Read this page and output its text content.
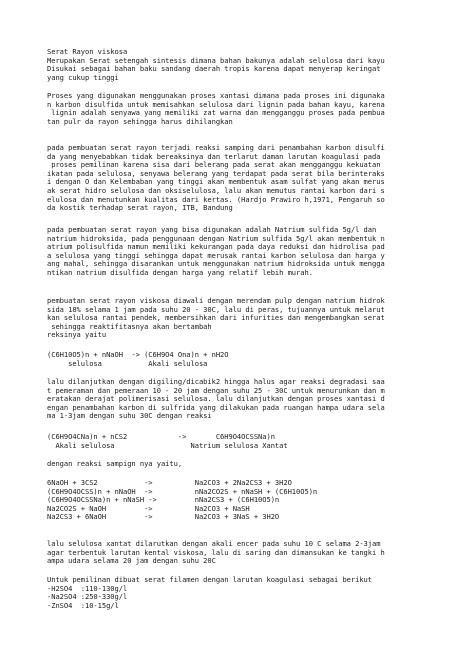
Serat Rayon viskosa
Merupakan Serat setengah sintesis dimana bahan bakunya adalah selulosa dari kayu
Disukai sebagai bahan baku sandang daerah tropis karena dapat menyerap keringat
yang cukup tinggi
Proses yang digunakan menggunakan proses xantasi dimana pada proses ini digunaka
n karbon disulfida untuk memisahkan selulosa dari lignin pada bahan kayu, karena
lignin adalah senyawa yang memiliki zat warna dan mengganggu proses pada pembua
tan pulr da rayon sehingga harus dihilangkan
pada pembuatan serat rayon terjadi reaksi samping dari penambahan karbon disulfi
da yang menyebabkan tidak bereaksinya dan terlarut daman larutan koagulasi pada
proses pemilinan karena sisa dari belerang pada serat akan mengganggu kekuatan
ikatan pada selulosa, senyawa belerang yang terdapat pada serat bila berinteraks
i dengan O dan Kelembaban yang tinggi akan membentuk asam sulfat yang akan merus
ak serat hidro selulosa dan oksiselulosa, lalu akan memutus rantai karbon dari s
elulosa dan menutunkan kualitas dari kertas. (Hardjo Prawiro h,1971, Pengaruh so
da kostik terhadap serat rayon, ITB, Bandung
pada pembuatan serat rayon yang bisa digunakan adalah Natrium sulfida 5g/l dan
natrium hidroksida, pada penggunaan dengan Natrium sulfida 5g/l akan membentuk n
atrium polisulfida namun memiliki kekurangan pada daya reduksi dan hidrolisa pad
a selulosa yang tinggi sehingga dapat merusak rantai karbon selulosa dan harga y
ang mahal, sehingga disarankan untuk menggunakan natrium hidroksida untuk mengga
ntikan natrium disulfida dengan harga yang relatif lebih murah.
pembuatan serat rayon viskosa diawali dengan merendam pulp dengan natrium hidrok
sida 18% selama 1 jam pada suhu 20 - 30C, lalu di peras, tujuannya untuk melarut
kan selulosa rantai pendek, membersihkan dari infurities dan mengembangkan serat
sehingga reaktifitasnya akan bertambah
reksinya yaitu
(C6H10O5)n + nNaOH  -> (C6H9O4 Ona)n + nH2O
selulosa           Akali selulosa
lalu dilanjutkan dengan digiling/dicabik2 hingga halus agar reaksi degradasi saa
t pemeraman dan pemeraan 10 - 20 jam dengan suhu 25 - 30C untuk menurunkan dan m
eratakan derajat polimerisasi selulosa. lalu dilanjutkan dengan proses xantasi d
engan penambahan karbon di sulfrida yang dilakukan pada ruangan hampa udara sela
ma 1-3jam dengan suhu 30C dengan reaksi
(C6H9O4CNa)n + nCS2            ->       C6H9O4OCSSNa)n
Akali selulosa                  Natrium selulosa Xantat
dengan reaksi sampign nya yaitu,
6NaOH + 3CS2           ->          Na2CO3 + 2Na2CS3 + 3H2O
(C6H9O4OCSS)n + nNaOH  ->          nNa2CO2S + nNaSH + (C6H10O5)n
(C6H9O4OCSSNa)n + nNaSH ->         nNa2CS3 + (C6H10O5)n
Na2CO2S + NaOH         ->          Na2CO3 + NaSH
Na2CS3 + 6NaOH         ->          Na2CO3 + 3NaS + 3H2O
lalu selulosa xantat dilarutkan dengan akali encer pada suhu 10 C selama 2-3jam
agar terbentuk larutan kental viskosa, lalu di saring dan dimansukan ke tangki h
ampa udara selama 20 jam dengan suhu 20C
Untuk pemilinan dibuat serat filamen dengan larutan koagulasi sebagai berikut
-H2SO4  :110-130g/l
-Na2SO4 :250-330g/l
-ZnSO4  :10-15g/l
